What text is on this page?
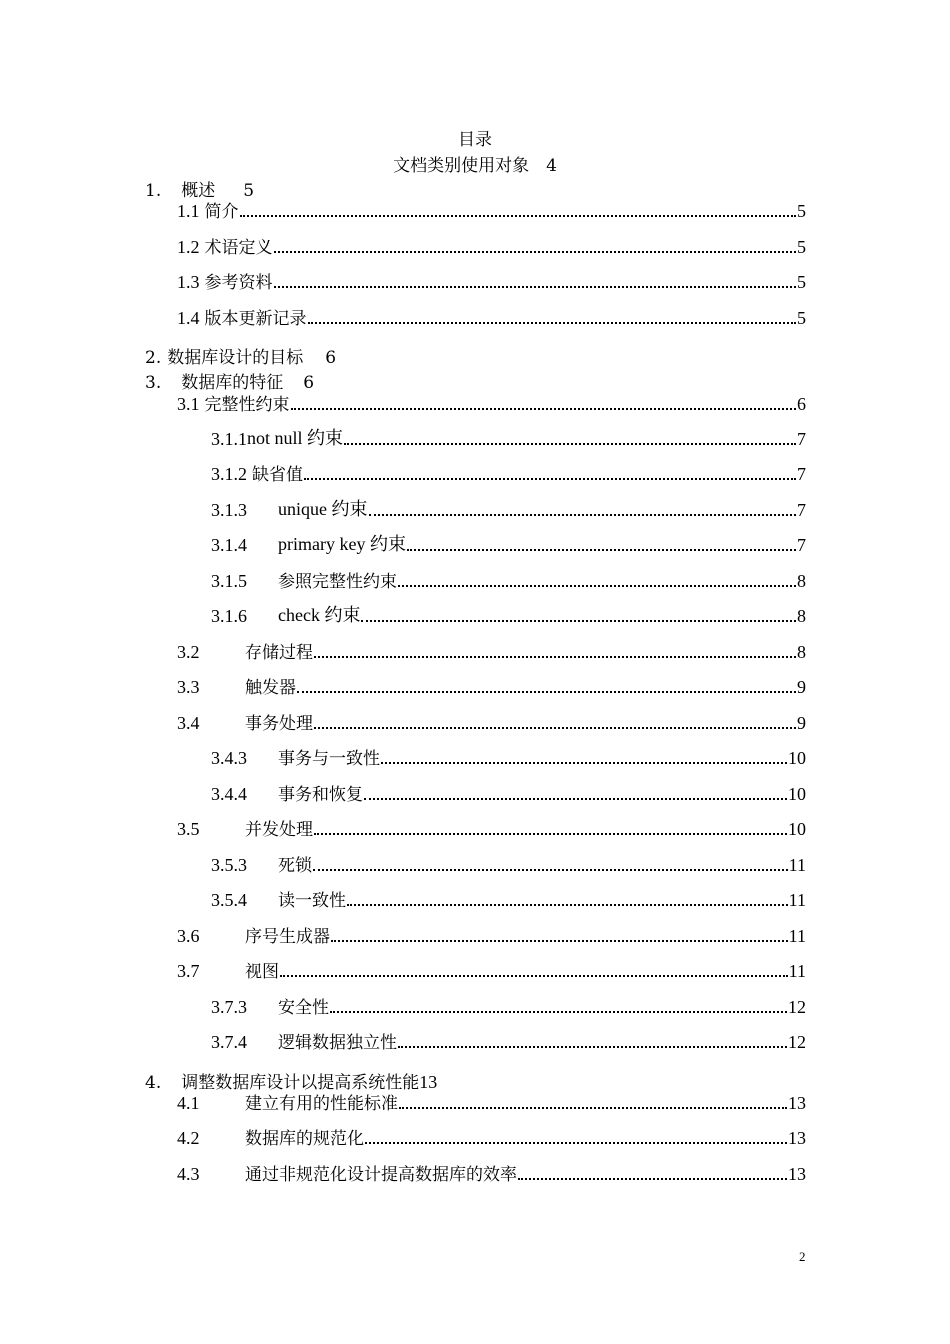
目录
文档类别使用对象　4
1. 概述 5
1.1 简介	5
1.2 术语定义	5
1.3 参考资料	5
1.4 版本更新记录	5
2. 数据库设计的目标 6
3. 数据库的特征 6
3.1 完整性约束	6
3.1.1 not null 约束	7
3.1.2 缺省值	7
3.1.3	unique 约束	7
3.1.4	primary key 约束	7
3.1.5	参照完整性约束	8
3.1.6	check 约束	8
3.2	存储过程	8
3.3	触发器	9
3.4	事务处理	9
3.4.3	事务与一致性	10
3.4.4	事务和恢复	10
3.5	并发处理	10
3.5.3	死锁	11
3.5.4	读一致性	11
3.6	序号生成器	11
3.7	视图	11
3.7.3	安全性	12
3.7.4	逻辑数据独立性	12
4. 调整数据库设计以提高系统性能13
4.1	建立有用的性能标准	13
4.2	数据库的规范化	13
4.3	通过非规范化设计提高数据库的效率	13
2
